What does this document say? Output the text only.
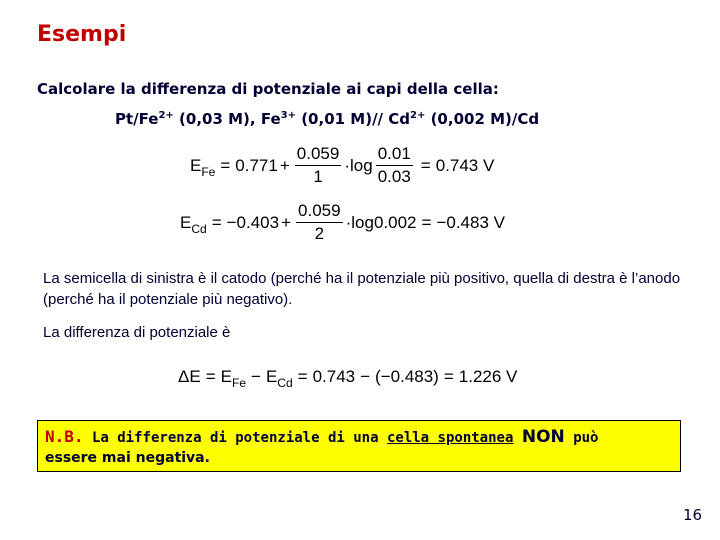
Esempi
Calcolare la differenza di potenziale ai capi della cella:
$Pt/Fe^{2+}$ (0,03 M), $Fe^{3+}$ (0,01 M)// $Cd^{2+}$ (0,002 M)/Cd
$E_{Fe} = 0.771 + \frac{0.059}{1} \cdot \log \frac{0.01}{0.03} = 0.743$ V
$E_{Cd} = -0.403 + \frac{0.059}{2} \cdot \log 0.002 = -0.483$ V
La semicella di sinistra è il catodo (perché ha il potenziale più positivo, quella di destra è l’anodo (perché ha il potenziale più negativo).
La differenza di potenziale è
$\Delta E = E_{Fe} - E_{Cd} = 0.743 - (-0.483) = 1.226$ V
N.B. La differenza di potenziale di una cella spontanea NON può
essere mai negativa.
16
